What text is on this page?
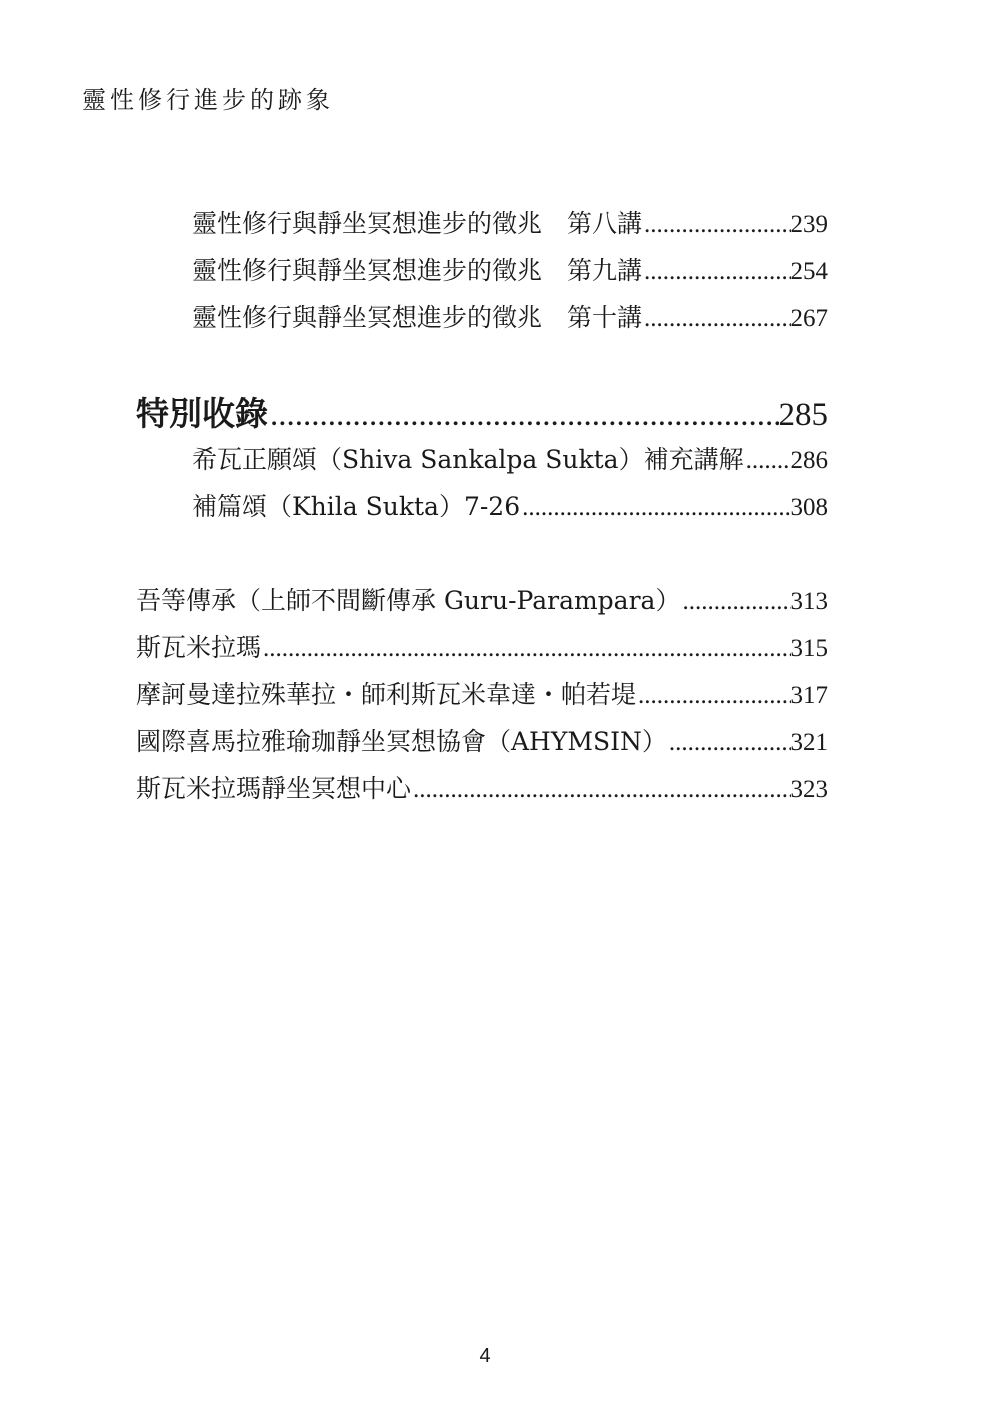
靈性修行進步的跡象
靈性修行與靜坐冥想進步的徵兆　第八講 .....	239
靈性修行與靜坐冥想進步的徵兆　第九講 .....	254
靈性修行與靜坐冥想進步的徵兆　第十講 .....	267
特別收錄 .....	285
希瓦正願頌（Shiva Sankalpa Sukta）補充講解 ..... 286
補篇頌（Khila Sukta）7-26 .....	308
吾等傳承（上師不間斷傳承 Guru-Parampara） .....	313
斯瓦米拉瑪 .....	315
摩訶曼達拉殊華拉・師利斯瓦米韋達・帕若堤 .....	317
國際喜馬拉雅瑜珈靜坐冥想協會（AHYMSIN） .....	321
斯瓦米拉瑪靜坐冥想中心 .....	323
4
